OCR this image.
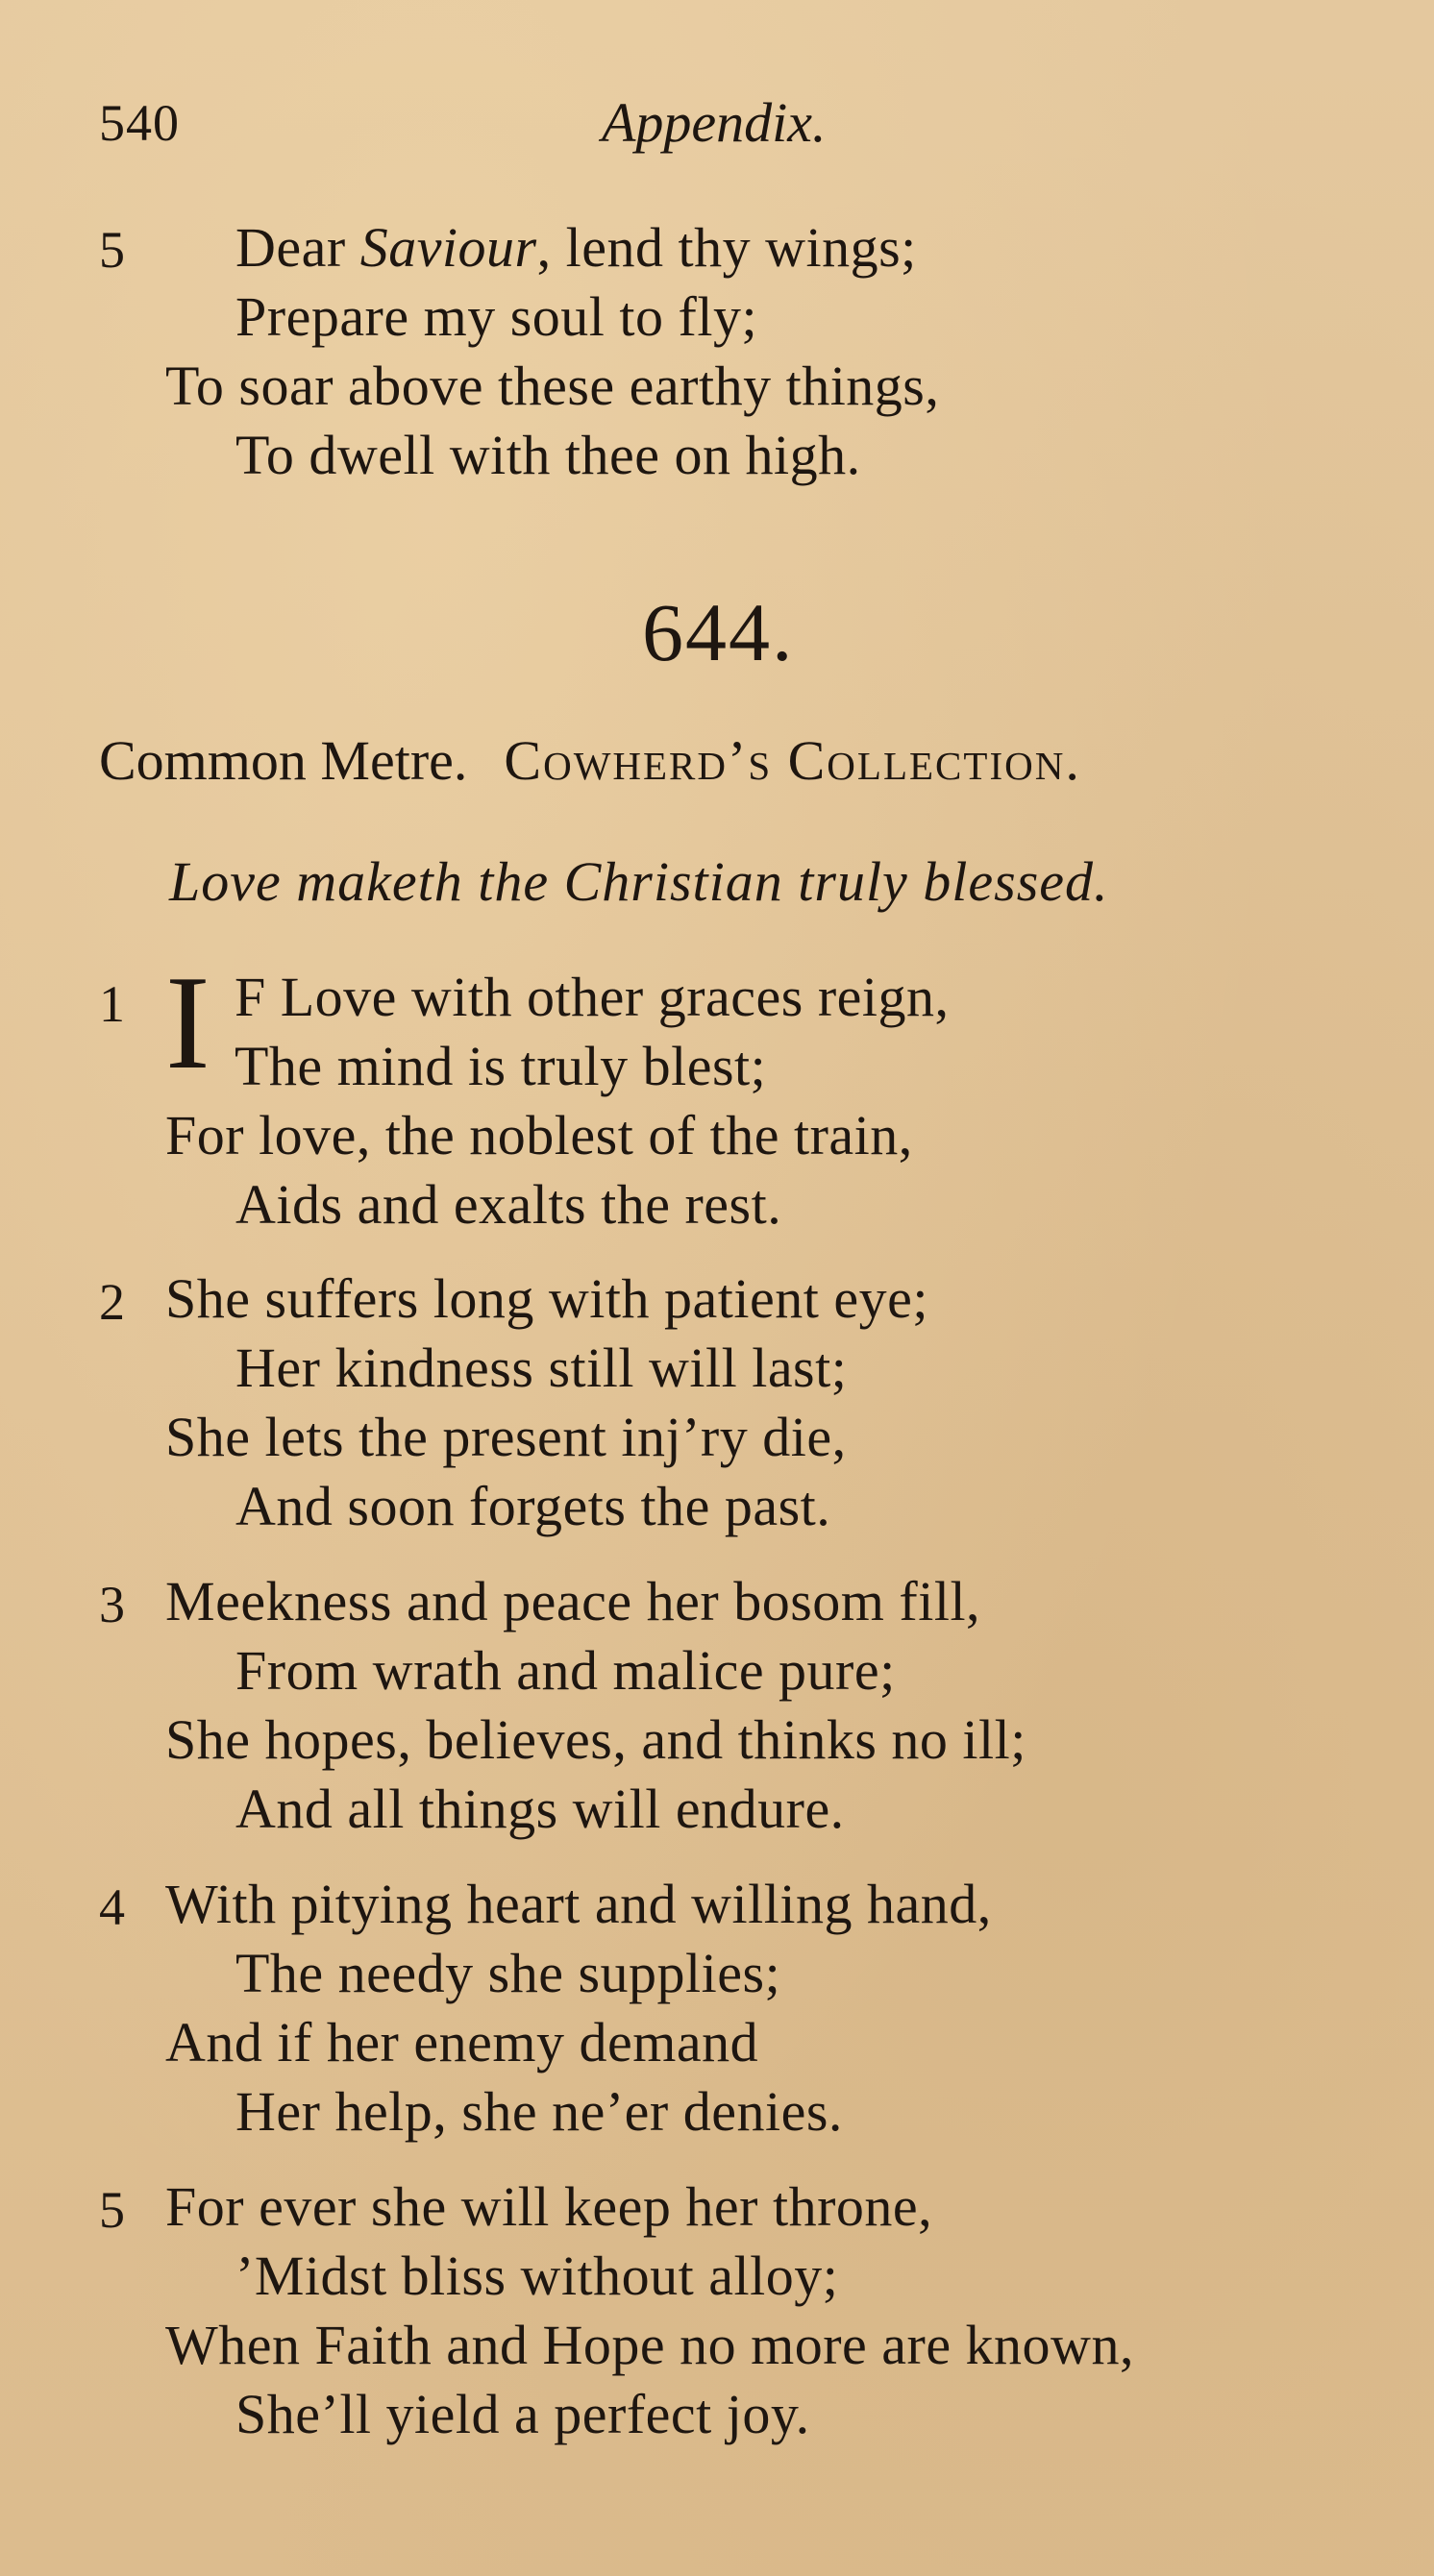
540	Appendix.
5 Dear Saviour, lend thy wings;
Prepare my soul to fly;
To soar above these earthy things,
To dwell with thee on high.
644.
Common Metre. Cowherd’s Collection.
Love maketh the Christian truly blessed.
1 I F Love with other graces reign,
The mind is truly blest;
For love, the noblest of the train,
Aids and exalts the rest.
2 She suffers long with patient eye;
Her kindness still will last;
She lets the present inj’ry die,
And soon forgets the past.
3 Meekness and peace her bosom fill,
From wrath and malice pure;
She hopes, believes, and thinks no ill;
And all things will endure.
4 With pitying heart and willing hand,
The needy she supplies;
And if her enemy demand
Her help, she ne’er denies.
5 For ever she will keep her throne,
’Midst bliss without alloy;
When Faith and Hope no more are known,
She’ll yield a perfect joy.
